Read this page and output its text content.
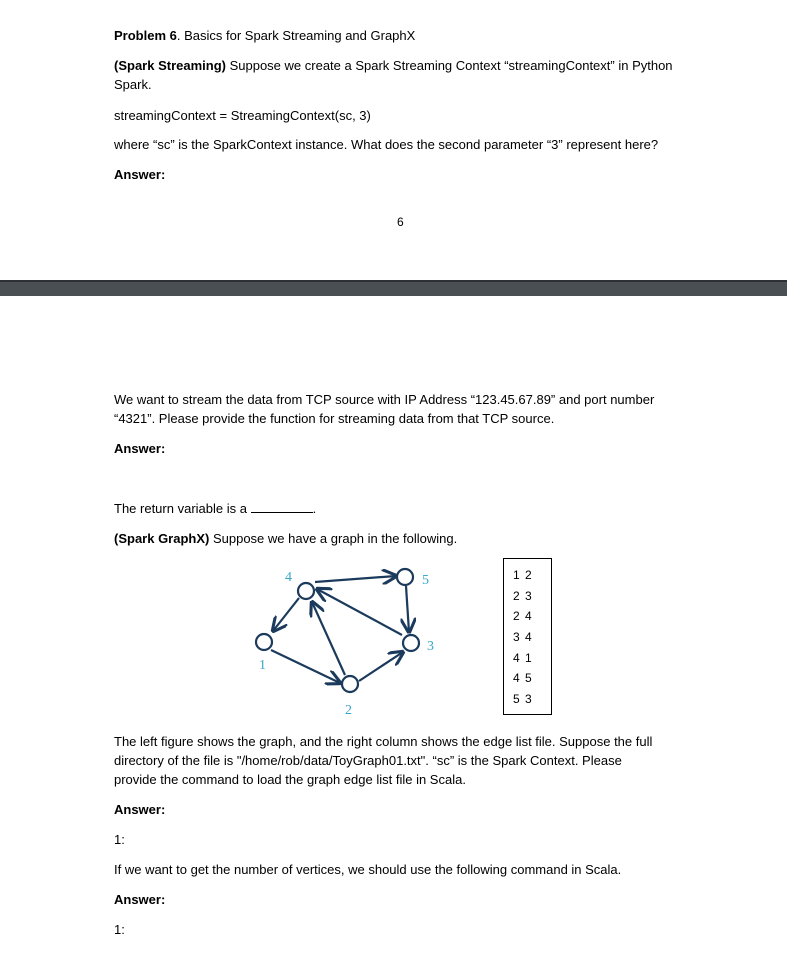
Problem 6. Basics for Spark Streaming and GraphX
(Spark Streaming) Suppose we create a Spark Streaming Context “streamingContext” in Python
Spark.
streamingContext = StreamingContext(sc, 3)
where “sc” is the SparkContext instance. What does the second parameter “3” represent here?
Answer:
6
We want to stream the data from TCP source with IP Address “123.45.67.89” and port number
“4321”. Please provide the function for streaming data from that TCP source.
Answer:
The return variable is a	.
(Spark GraphX) Suppose we have a graph in the following.
1
2
3
4	5	1 2
2 3
2 4
3 4
4 1
4 5
5 3
The left figure shows the graph, and the right column shows the edge list file. Suppose the full
directory of the file is "/home/rob/data/ToyGraph01.txt". “sc” is the Spark Context. Please
provide the command to load the graph edge list file in Scala.
Answer:
1:
If we want to get the number of vertices, we should use the following command in Scala.
Answer:
1:
